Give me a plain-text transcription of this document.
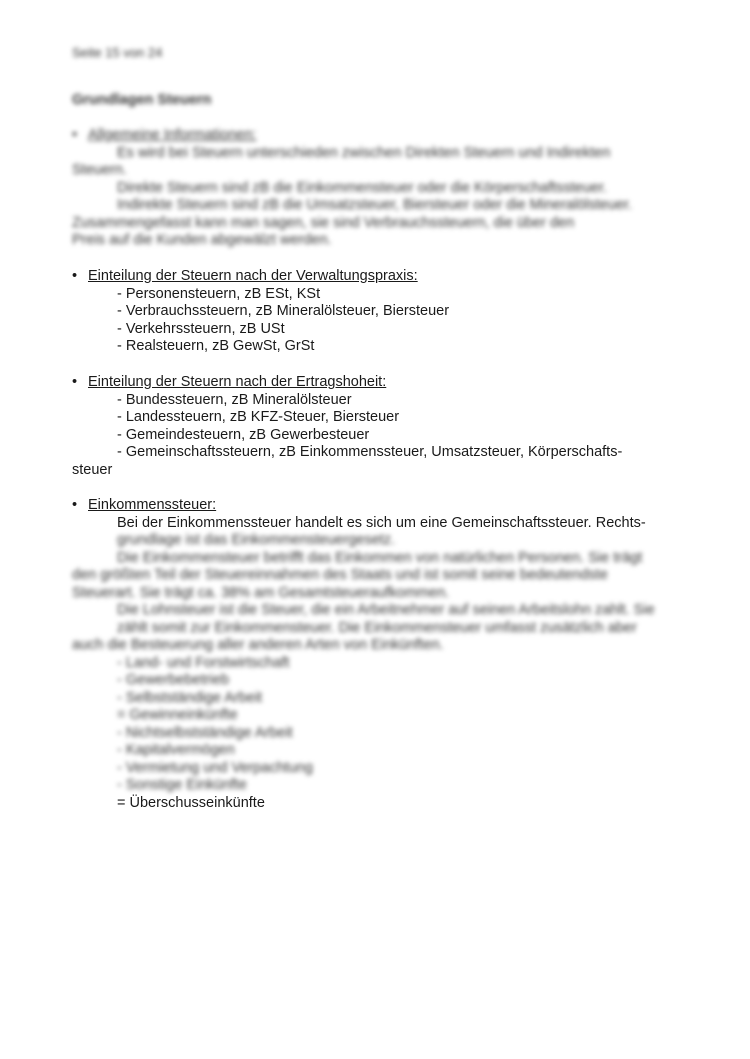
Seite 15 von 24
Grundlagen Steuern
• Allgemeine Informationen:
Es wird bei Steuern unterschieden zwischen Direkten Steuern und Indirekten
Steuern.
Direkte Steuern sind zB die Einkommensteuer oder die Körperschaftssteuer.
Indirekte Steuern sind zB die Umsatzsteuer, Biersteuer oder die Mineralölsteuer.
Zusammengefasst kann man sagen, sie sind Verbrauchssteuern, die über den
Preis auf die Kunden abgewälzt werden.
• Einteilung der Steuern nach der Verwaltungspraxis:
- Personensteuern, zB ESt, KSt
- Verbrauchssteuern, zB Mineralölsteuer, Biersteuer
- Verkehrssteuern, zB USt
- Realsteuern, zB GewSt, GrSt
• Einteilung der Steuern nach der Ertragshoheit:
- Bundessteuern, zB Mineralölsteuer
- Landessteuern, zB KFZ-Steuer, Biersteuer
- Gemeindesteuern, zB Gewerbesteuer
- Gemeinschaftssteuern, zB Einkommenssteuer, Umsatzsteuer, Körperschafts-
steuer
• Einkommenssteuer:
Bei der Einkommenssteuer handelt es sich um eine Gemeinschaftssteuer. Rechts-
grundlage ist das Einkommensteuergesetz.
Die Einkommensteuer betrifft das Einkommen von natürlichen Personen. Sie trägt
den größten Teil der Steuereinnahmen des Staats und ist somit seine bedeutendste
Steuerart. Sie trägt ca. 38% am Gesamtsteueraufkommen.
Die Lohnsteuer ist die Steuer, die ein Arbeitnehmer auf seinen Arbeitslohn zahlt. Sie
zählt somit zur Einkommensteuer. Die Einkommensteuer umfasst zusätzlich aber
auch die Besteuerung aller anderen Arten von Einkünften.
- Land- und Forstwirtschaft
- Gewerbebetrieb
- Selbstständige Arbeit
= Gewinneinkünfte
- Nichtselbstständige Arbeit
- Kapitalvermögen
- Vermietung und Verpachtung
- Sonstige Einkünfte
= Überschusseinkünfte
